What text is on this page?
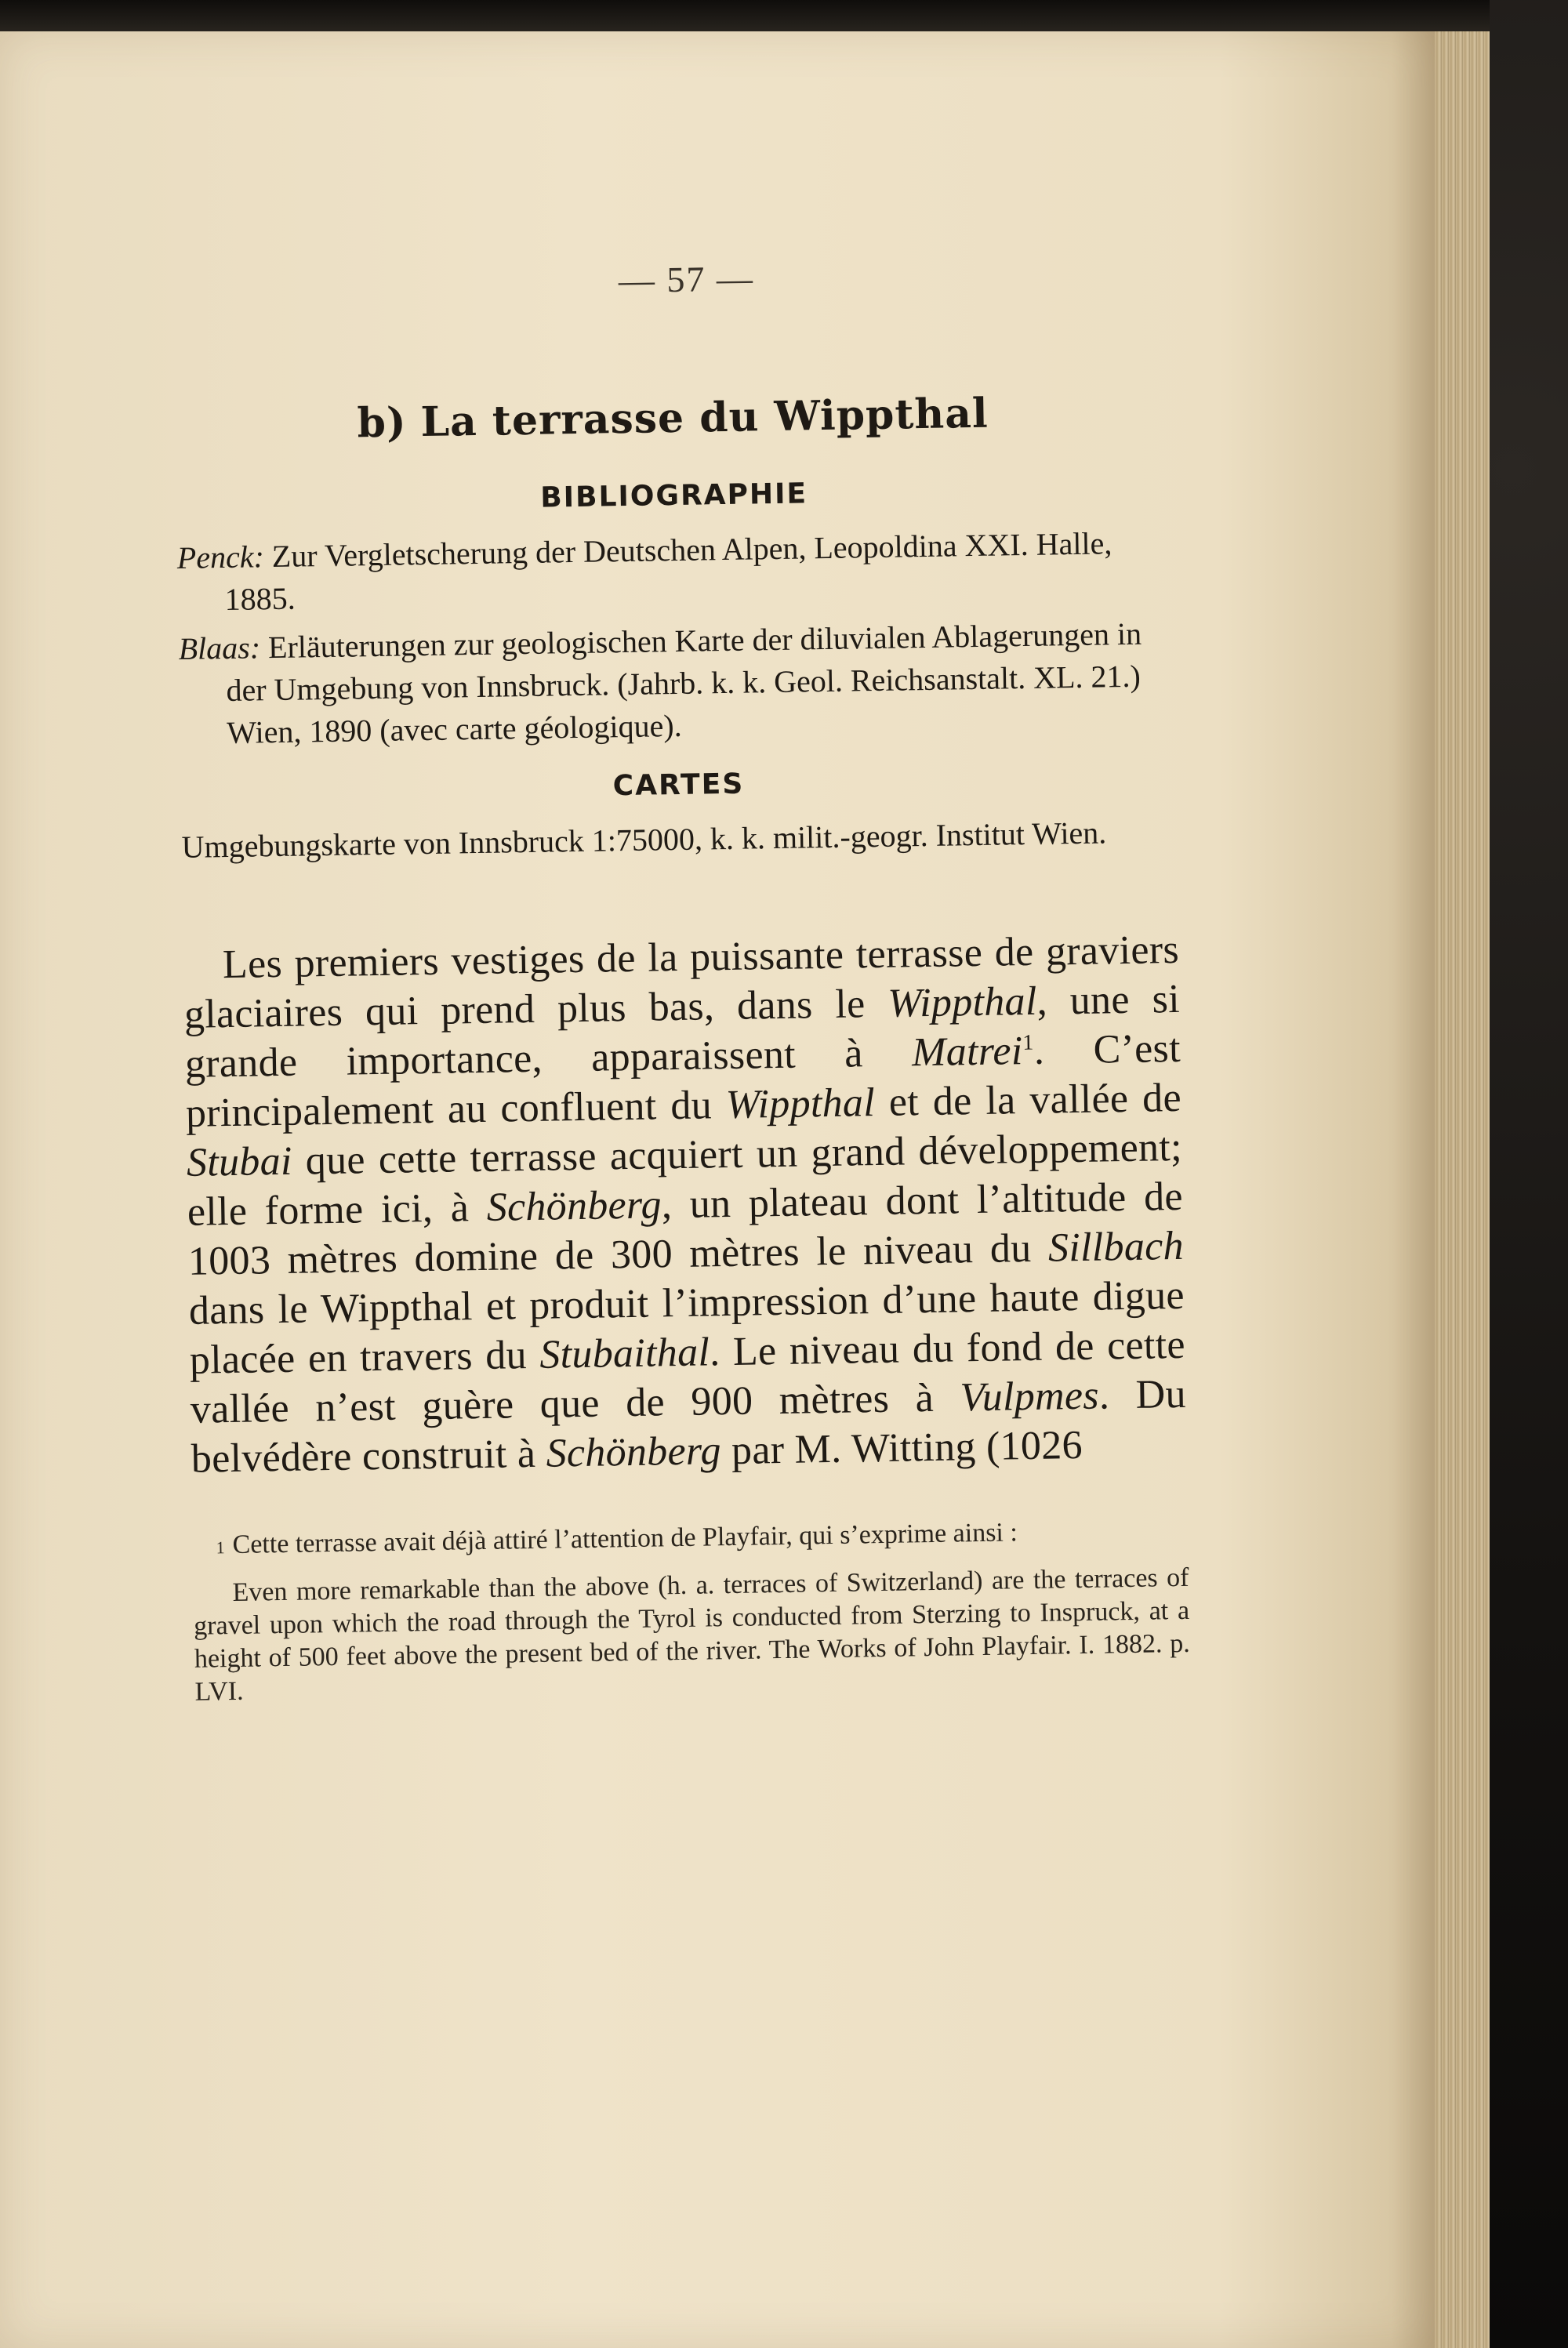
— 57 —
b) La terrasse du Wippthal
BIBLIOGRAPHIE
Penck: Zur Vergletscherung der Deutschen Alpen, Leopoldina XXI. Halle, 1885.
Blaas: Erläuterungen zur geologischen Karte der diluvialen Ablagerungen in der Umgebung von Innsbruck. (Jahrb. k. k. Geol. Reichsanstalt. XL. 21.) Wien, 1890 (avec carte géologique).
CARTES
Umgebungskarte von Innsbruck 1:75000, k. k. milit.-geogr. Institut Wien.
Les premiers vestiges de la puissante terrasse de graviers glaciaires qui prend plus bas, dans le Wippthal, une si grande importance, apparaissent à Matrei$^1$. C’est principalement au confluent du Wippthal et de la vallée de Stubai que cette terrasse acquiert un grand développement; elle forme ici, à Schönberg, un plateau dont l’altitude de 1003 mètres domine de 300 mètres le niveau du Sillbach dans le Wippthal et produit l’impression d’une haute digue placée en travers du Stubaithal. Le niveau du fond de cette vallée n’est guère que de 900 mètres à Vulpmes. Du belvédère construit à Schönberg par M. Witting (1026
1 Cette terrasse avait déjà attiré l’attention de Playfair, qui s’exprime ainsi :
Even more remarkable than the above (h. a. terraces of Switzerland) are the terraces of gravel upon which the road through the Tyrol is conducted from Sterzing to Inspruck, at a height of 500 feet above the present bed of the river. The Works of John Playfair. I. 1882. p. LVI.
